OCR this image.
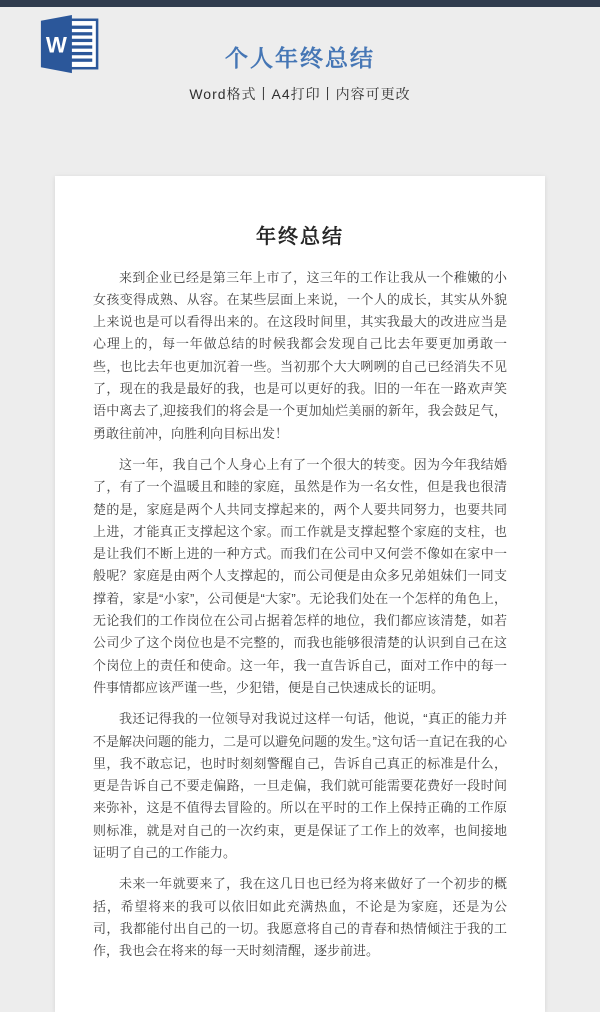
W	个人年终总结
Word格式丨A4打印丨内容可更改
年终总结

来到企业已经是第三年上市了，这三年的工作让我从一个稚嫩的小女孩变得成熟、从容。在某些层面上来说，一个人的成长，其实从外貌上来说也是可以看得出来的。在这段时间里，其实我最大的改进应当是心理上的，每一年做总结的时候我都会发现自己比去年要更加勇敢一些，也比去年也更加沉着一些。当初那个大大咧咧的自己已经消失不见了，现在的我是最好的我，也是可以更好的我。旧的一年在一路欢声笑语中离去了,迎接我们的将会是一个更加灿烂美丽的新年，我会鼓足气，勇敢往前冲，向胜利向目标出发！

这一年，我自己个人身心上有了一个很大的转变。因为今年我结婚了，有了一个温暖且和睦的家庭，虽然是作为一名女性，但是我也很清楚的是，家庭是两个人共同支撑起来的，两个人要共同努力，也要共同上进，才能真正支撑起这个家。而工作就是支撑起整个家庭的支柱，也是让我们不断上进的一种方式。而我们在公司中又何尝不像如在家中一般呢？家庭是由两个人支撑起的，而公司便是由众多兄弟姐妹们一同支撑着，家是“小家”，公司便是“大家”。无论我们处在一个怎样的角色上，无论我们的工作岗位在公司占据着怎样的地位，我们都应该清楚，如若公司少了这个岗位也是不完整的，而我也能够很清楚的认识到自己在这个岗位上的责任和使命。这一年，我一直告诉自己，面对工作中的每一件事情都应该严谨一些，少犯错，便是自己快速成长的证明。

我还记得我的一位领导对我说过这样一句话，他说，“真正的能力并不是解决问题的能力，二是可以避免问题的发生。”这句话一直记在我的心里，我不敢忘记，也时时刻刻警醒自己，告诉自己真正的标准是什么，更是告诉自己不要走偏路，一旦走偏，我们就可能需要花费好一段时间来弥补，这是不值得去冒险的。所以在平时的工作上保持正确的工作原则标准，就是对自己的一次约束，更是保证了工作上的效率，也间接地证明了自己的工作能力。

未来一年就要来了，我在这几日也已经为将来做好了一个初步的概括，希望将来的我可以依旧如此充满热血，不论是为家庭，还是为公司，我都能付出自己的一切。我愿意将自己的青春和热情倾注于我的工作，我也会在将来的每一天时刻清醒，逐步前进。
